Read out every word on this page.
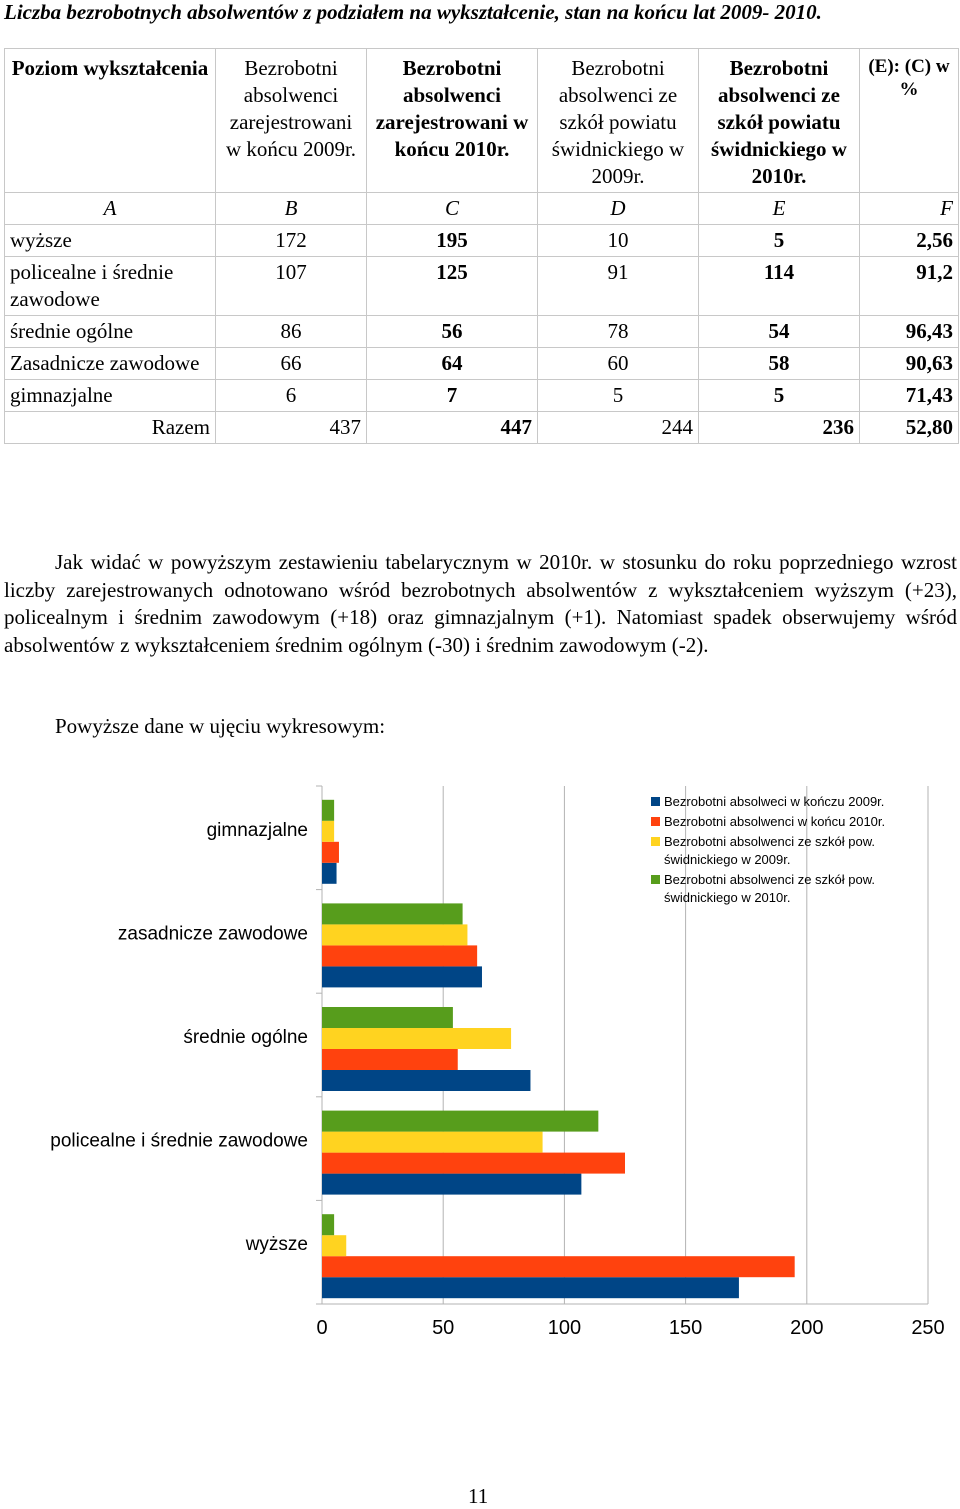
Liczba bezrobotnych absolwentów z podziałem na wykształcenie, stan na końcu lat 2009- 2010.
Poziom wykształcenia	Bezrobotni absolwenci zarejestrowani w końcu 2009r.	Bezrobotni absolwenci zarejestrowani w końcu 2010r.	Bezrobotni absolwenci ze szkół powiatu świdnickiego w 2009r.	Bezrobotni absolwenci ze szkół powiatu świdnickiego w 2010r.	(E): (C) w %
A	B	C	D	E	F
wyższe	172	195	10	5	2,56
policealne i średnie zawodowe	107	125	91	114	91,2
średnie ogólne	86	56	78	54	96,43
Zasadnicze zawodowe	66	64	60	58	90,63
gimnazjalne	6	7	5	5	71,43
Razem	437	447	244	236	52,80
Jak widać w powyższym zestawieniu tabelarycznym w 2010r. w stosunku do roku poprzedniego wzrost liczby zarejestrowanych odnotowano wśród bezrobotnych absolwentów z wykształceniem wyższym (+23), policealnym i średnim zawodowym (+18) oraz gimnazjalnym (+1). Natomiast spadek obserwujemy wśród absolwentów z wykształceniem średnim ogólnym (-30) i średnim zawodowym (-2).
Powyższe dane w ujęciu wykresowym:
0	50	100	150	200	250
gimnazjalne
zasadnicze zawodowe
średnie ogólne
policealne i średnie zawodowe
wyższe
Bezrobotni absolweci w kończu 2009r.
Bezrobotni absolwenci w końcu 2010r.
Bezrobotni absolwenci ze szkół pow. świdnickiego w 2009r.
Bezrobotni absolwenci ze szkół pow. świdnickiego w 2010r.
11
